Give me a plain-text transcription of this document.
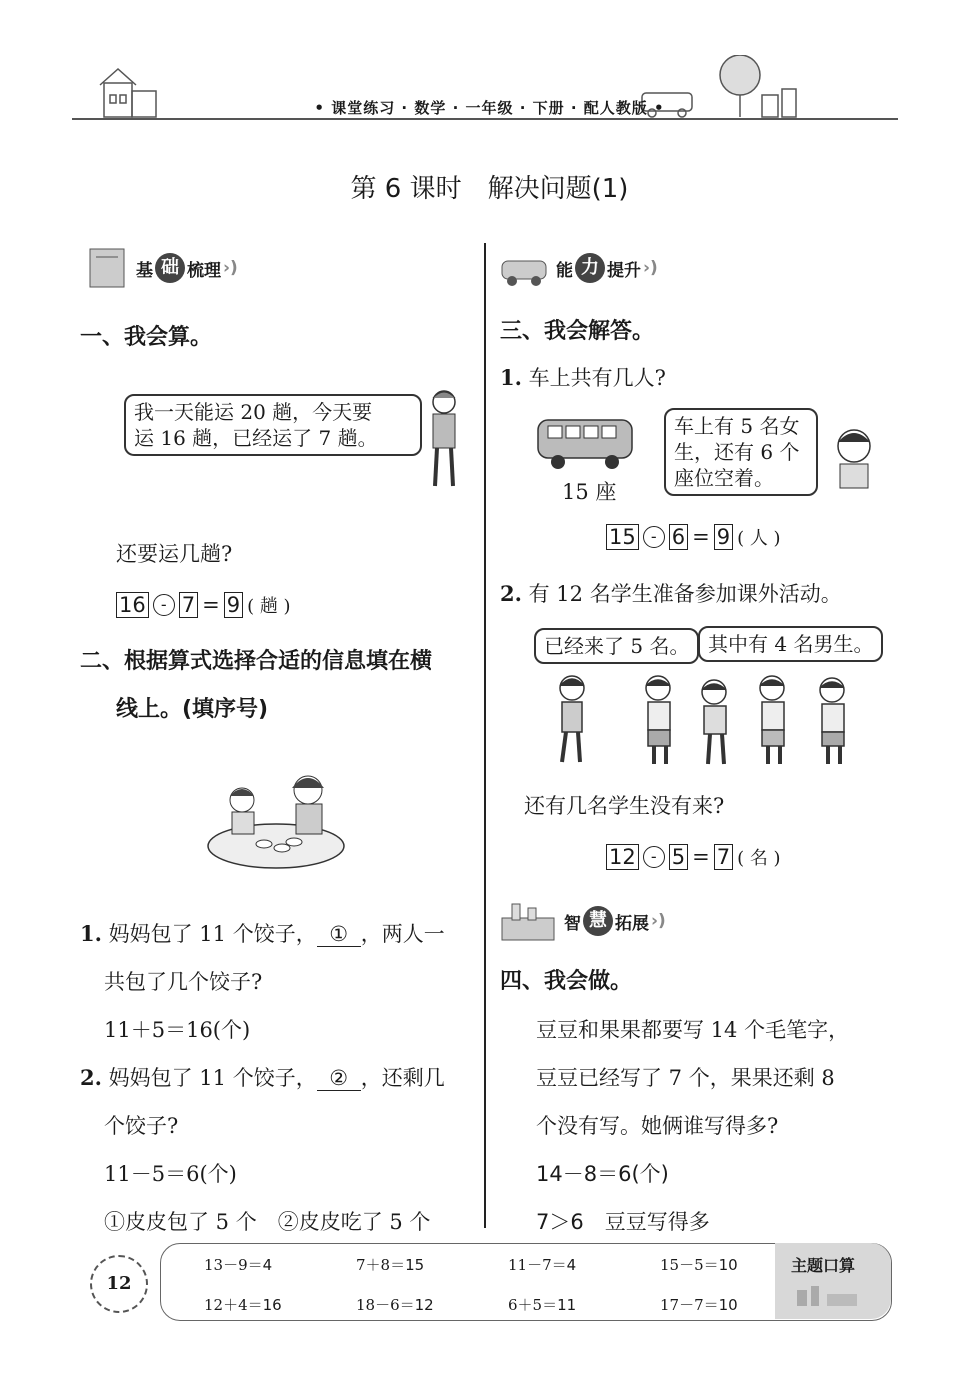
• 课堂练习 · 数学 · 一年级 · 下册 · 配人教版 •
第 6 课时　解决问题(1)
基 础 梳理 ›)
一、我会算。
我一天能运 20 趟，今天要
运 16 趟，已经运了 7 趟。
还要运几趟?
16 - 7 = 9 ( 趟 )
二、根据算式选择合适的信息填在横
线上。(填序号)
1. 妈妈包了 11 个饺子， ① ，两人一
共包了几个饺子?
11＋5＝16(个)
2. 妈妈包了 11 个饺子， ② ，还剩几
个饺子?
11－5＝6(个)
①皮皮包了 5 个　②皮皮吃了 5 个
能 力 提升 ›)
三、我会解答。
1. 车上共有几人?
15 座
车上有 5 名女
生，还有 6 个
座位空着。
15 - 6 = 9 ( 人 )
2. 有 12 名学生准备参加课外活动。
已经来了 5 名。 其中有 4 名男生。
还有几名学生没有来?
12 - 5 = 7 ( 名 )
智 慧 拓展 ›)
四、我会做。
豆豆和果果都要写 14 个毛笔字，
豆豆已经写了 7 个，果果还剩 8
个没有写。她俩谁写得多?
14－8＝6(个)
7＞6　豆豆写得多
12
主题口算
13－9＝4	7＋8＝15	11－7＝4	15－5＝10
12＋4＝16	18－6＝12	6＋5＝11	17－7＝10
